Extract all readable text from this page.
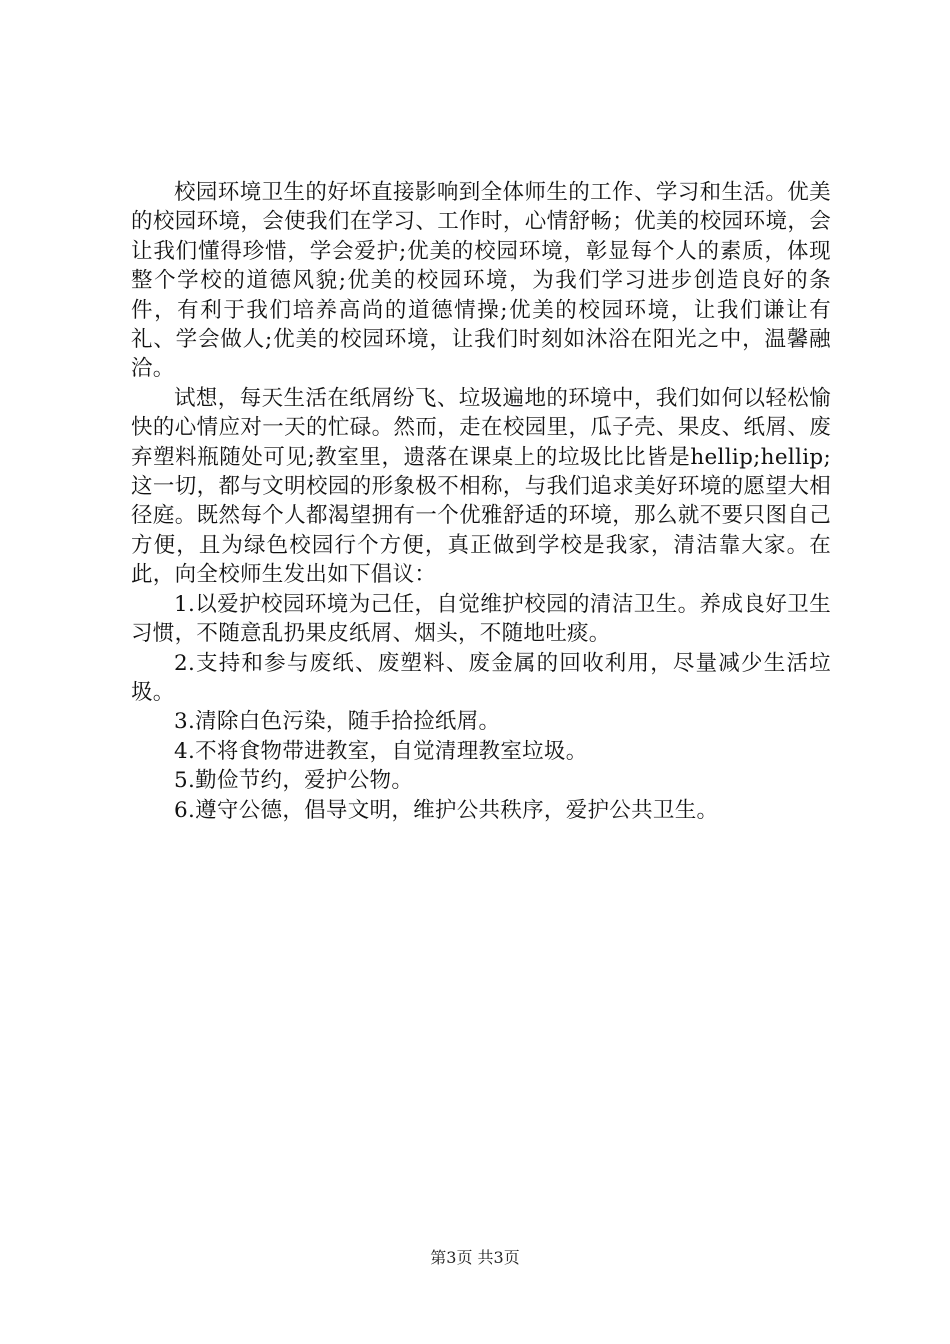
校园环境卫生的好坏直接影响到全体师生的工作、学习和生活。优美的校园环境，会使我们在学习、工作时，心情舒畅；优美的校园环境，会让我们懂得珍惜，学会爱护;优美的校园环境，彰显每个人的素质，体现整个学校的道德风貌;优美的校园环境，为我们学习进步创造良好的条件，有利于我们培养高尚的道德情操;优美的校园环境，让我们谦让有礼、学会做人;优美的校园环境，让我们时刻如沐浴在阳光之中，温馨融洽。

试想，每天生活在纸屑纷飞、垃圾遍地的环境中，我们如何以轻松愉快的心情应对一天的忙碌。然而，走在校园里，瓜子壳、果皮、纸屑、废弃塑料瓶随处可见;教室里，遗落在课桌上的垃圾比比皆是hellip;hellip;这一切，都与文明校园的形象极不相称，与我们追求美好环境的愿望大相径庭。既然每个人都渴望拥有一个优雅舒适的环境，那么就不要只图自己方便，且为绿色校园行个方便，真正做到学校是我家，清洁靠大家。在此，向全校师生发出如下倡议：

1.以爱护校园环境为己任，自觉维护校园的清洁卫生。养成良好卫生习惯，不随意乱扔果皮纸屑、烟头，不随地吐痰。

2.支持和参与废纸、废塑料、废金属的回收利用，尽量减少生活垃圾。

3.清除白色污染，随手拾捡纸屑。

4.不将食物带进教室，自觉清理教室垃圾。

5.勤俭节约，爱护公物。

6.遵守公德，倡导文明，维护公共秩序，爱护公共卫生。

第3页 共3页
